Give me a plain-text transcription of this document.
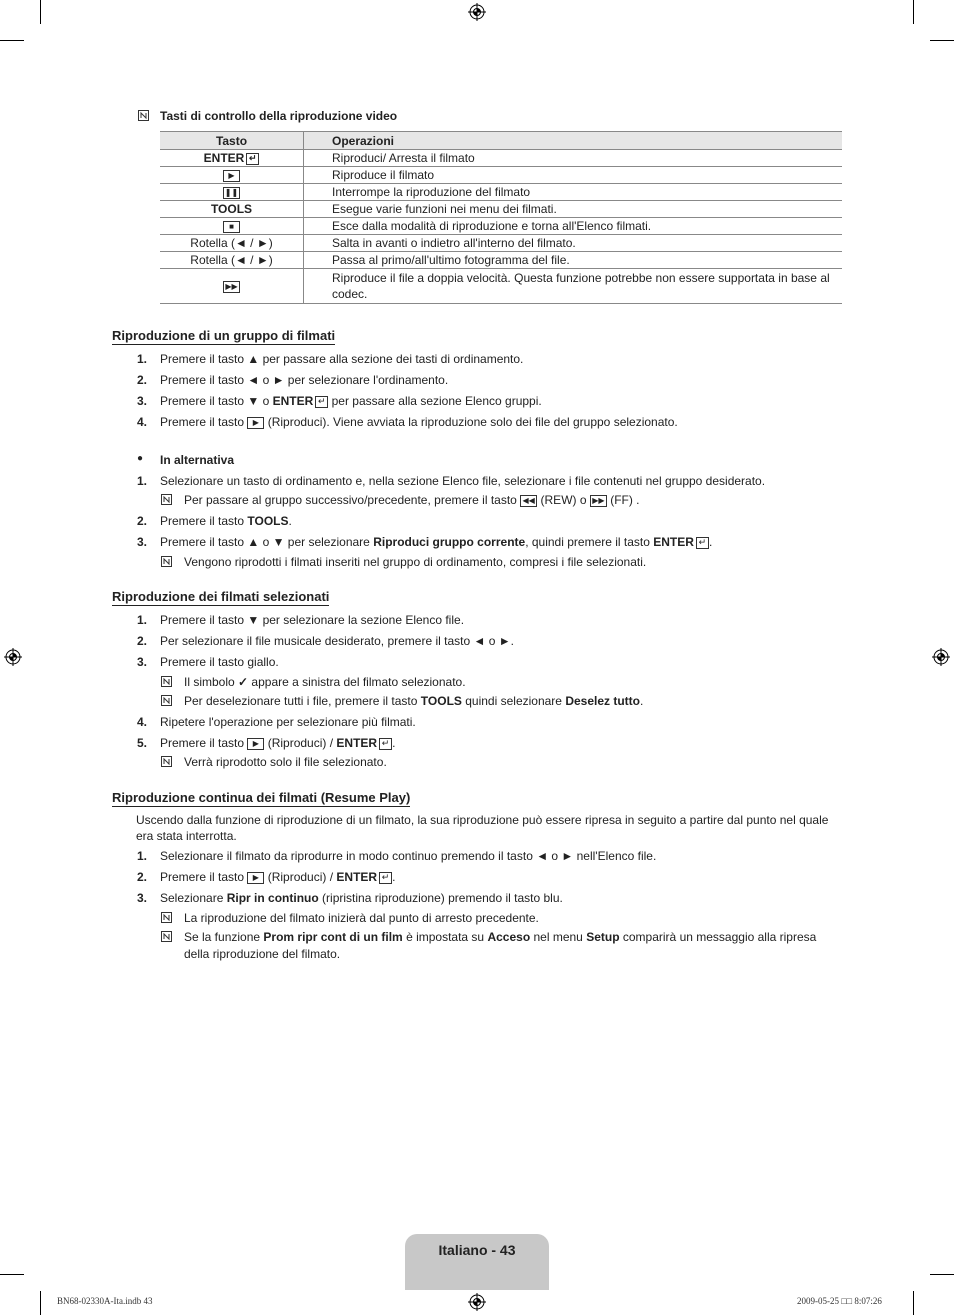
Tasti di controllo della riproduzione video
Tasto	Operazioni
ENTER ↵	Riproduci/ Arresta il filmato
▶	Riproduce il filmato
❚❚	Interrompe la riproduzione del filmato
TOOLS	Esegue varie funzioni nei menu dei filmati.
■	Esce dalla modalità di riproduzione e torna all'Elenco filmati.
Rotella (◄ / ►)	Salta in avanti o indietro all'interno del filmato.
Rotella (◄ / ►)	Passa al primo/all'ultimo fotogramma del file.
▶▶	Riproduce il file a doppia velocità. Questa funzione potrebbe non essere supportata in base al codec.
Riproduzione di un gruppo di filmati
1. Premere il tasto ▲ per passare alla sezione dei tasti di ordinamento.
2. Premere il tasto ◄ o ► per selezionare l'ordinamento.
3. Premere il tasto ▼ o ENTER ↵ per passare alla sezione Elenco gruppi.
4. Premere il tasto ▶ (Riproduci). Viene avviata la riproduzione solo dei file del gruppo selezionato.
● In alternativa
1. Selezionare un tasto di ordinamento e, nella sezione Elenco file, selezionare i file contenuti nel gruppo desiderato.
Per passare al gruppo successivo/precedente, premere il tasto ◀◀ (REW) o ▶▶ (FF) .
2. Premere il tasto TOOLS.
3. Premere il tasto ▲ o ▼ per selezionare Riproduci gruppo corrente, quindi premere il tasto ENTER ↵ .
Vengono riprodotti i filmati inseriti nel gruppo di ordinamento, compresi i file selezionati.
Riproduzione dei filmati selezionati
1. Premere il tasto ▼ per selezionare la sezione Elenco file.
2. Per selezionare il file musicale desiderato, premere il tasto ◄ o ►.
3. Premere il tasto giallo.
Il simbolo ✓ appare a sinistra del filmato selezionato.
Per deselezionare tutti i file, premere il tasto TOOLS quindi selezionare Deselez tutto.
4. Ripetere l'operazione per selezionare più filmati.
5. Premere il tasto ▶ (Riproduci) / ENTER ↵ .
Verrà riprodotto solo il file selezionato.
Riproduzione continua dei filmati (Resume Play)
Uscendo dalla funzione di riproduzione di un filmato, la sua riproduzione può essere ripresa in seguito a partire dal punto nel quale era stata interrotta.
1. Selezionare il filmato da riprodurre in modo continuo premendo il tasto ◄ o ► nell'Elenco file.
2. Premere il tasto ▶ (Riproduci) / ENTER ↵ .
3. Selezionare Ripr in continuo (ripristina riproduzione) premendo il tasto blu.
La riproduzione del filmato inizierà dal punto di arresto precedente.
Se la funzione Prom ripr cont di un film è impostata su Acceso nel menu Setup comparirà un messaggio alla ripresa
della riproduzione del filmato.
Italiano - 43
BN68-02330A-Ita.indb 43	2009-05-25 □□ 8:07:26
